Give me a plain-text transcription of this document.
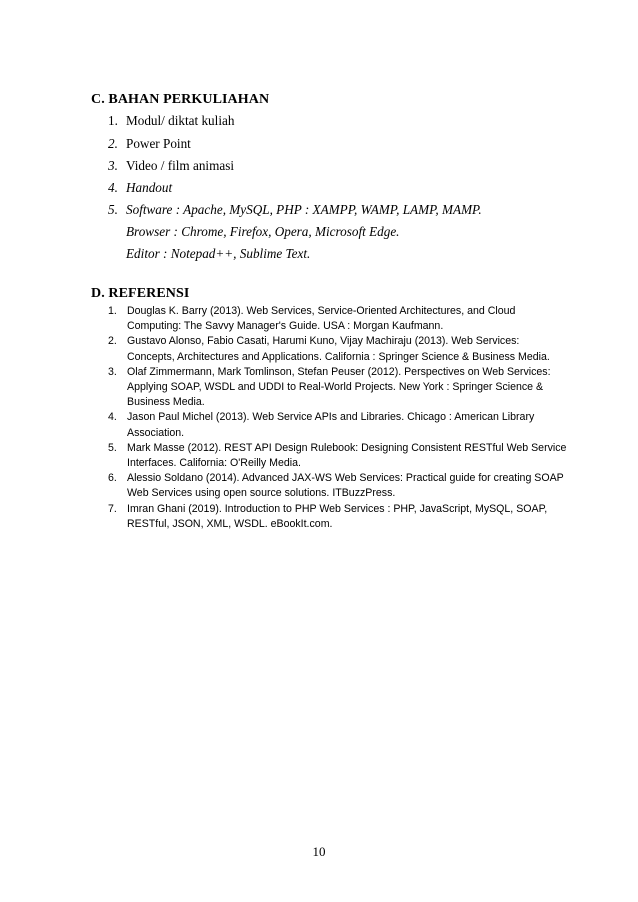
C. BAHAN PERKULIAHAN
1. Modul/ diktat kuliah
2. Power Point
3. Video / film animasi
4. Handout
5. Software : Apache, MySQL, PHP : XAMPP, WAMP, LAMP, MAMP.
Browser : Chrome, Firefox, Opera, Microsoft Edge.
Editor : Notepad++, Sublime Text.
D. REFERENSI
1. Douglas K. Barry (2013). Web Services, Service-Oriented Architectures, and Cloud Computing: The Savvy Manager's Guide. USA : Morgan Kaufmann.
2. Gustavo Alonso, Fabio Casati, Harumi Kuno, Vijay Machiraju (2013). Web Services: Concepts, Architectures and Applications. California : Springer Science & Business Media.
3. Olaf Zimmermann, Mark Tomlinson, Stefan Peuser (2012). Perspectives on Web Services: Applying SOAP, WSDL and UDDI to Real-World Projects. New York : Springer Science & Business Media.
4. Jason Paul Michel (2013). Web Service APIs and Libraries. Chicago : American Library Association.
5. Mark Masse (2012). REST API Design Rulebook: Designing Consistent RESTful Web Service Interfaces. California: O'Reilly Media.
6. Alessio Soldano (2014). Advanced JAX-WS Web Services: Practical guide for creating SOAP Web Services using open source solutions. ITBuzzPress.
7. Imran Ghani (2019). Introduction to PHP Web Services : PHP, JavaScript, MySQL, SOAP, RESTful, JSON, XML, WSDL. eBookIt.com.
10
